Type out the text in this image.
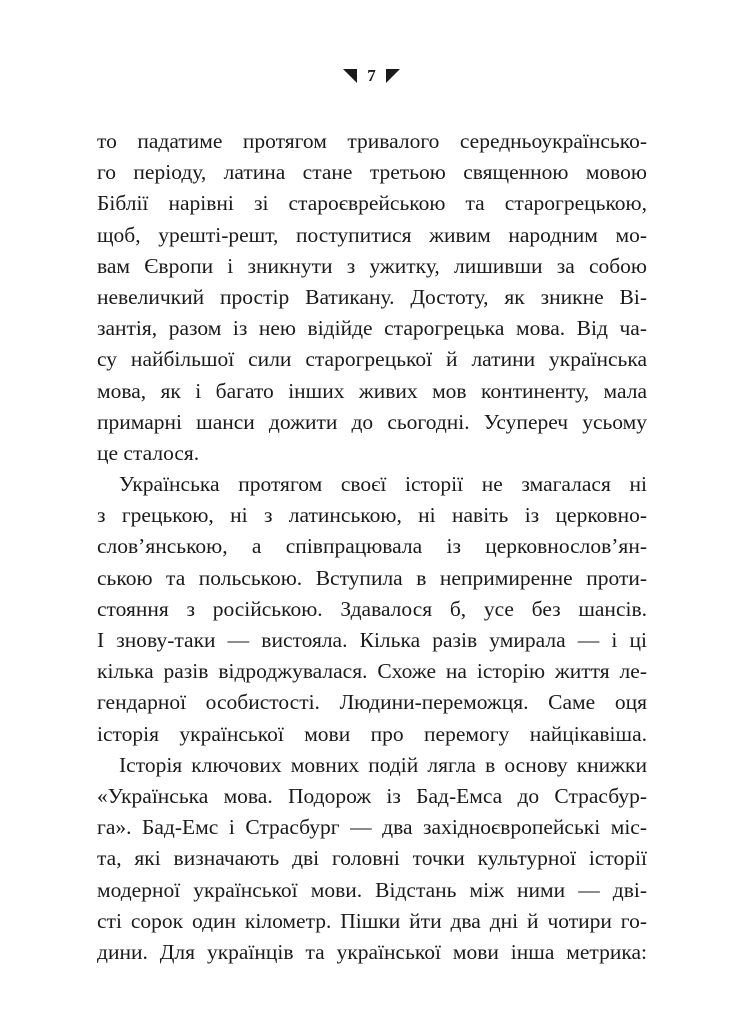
7
то падатиме протягом тривалого середньоукраїнсько-
го періоду, латина стане третьою священною мовою
Біблії нарівні зі староєврейською та старогрецькою,
щоб, урешті-решт, поступитися живим народним мо-
вам Європи і зникнути з ужитку, лишивши за собою
невеличкий простір Ватикану. Достоту, як зникне Ві-
зантія, разом із нею відійде старогрецька мова. Від ча-
су найбільшої сили старогрецької й латини українська
мова, як і багато інших живих мов континенту, мала
примарні шанси дожити до сьогодні. Усупереч усьому
це сталося.
Українська протягом своєї історії не змагалася ні
з грецькою, ні з латинською, ні навіть із церковно-
слов’янською, а співпрацювала із церковнослов’ян-
ською та польською. Вступила в непримиренне проти-
стояння з російською. Здавалося б, усе без шансів.
І знову-таки — вистояла. Кілька разів умирала — і ці
кілька разів відроджувалася. Схоже на історію життя ле-
гендарної особистості. Людини-переможця. Саме оця
історія української мови про перемогу найцікавіша.
Історія ключових мовних подій лягла в основу книжки
«Українська мова. Подорож із Бад-Емса до Страсбур-
га». Бад-Емс і Страсбург — два західноєвропейські міс-
та, які визначають дві головні точки культурної історії
модерної української мови. Відстань між ними — дві-
сті сорок один кілометр. Пішки йти два дні й чотири го-
дини. Для українців та української мови інша метрика:
